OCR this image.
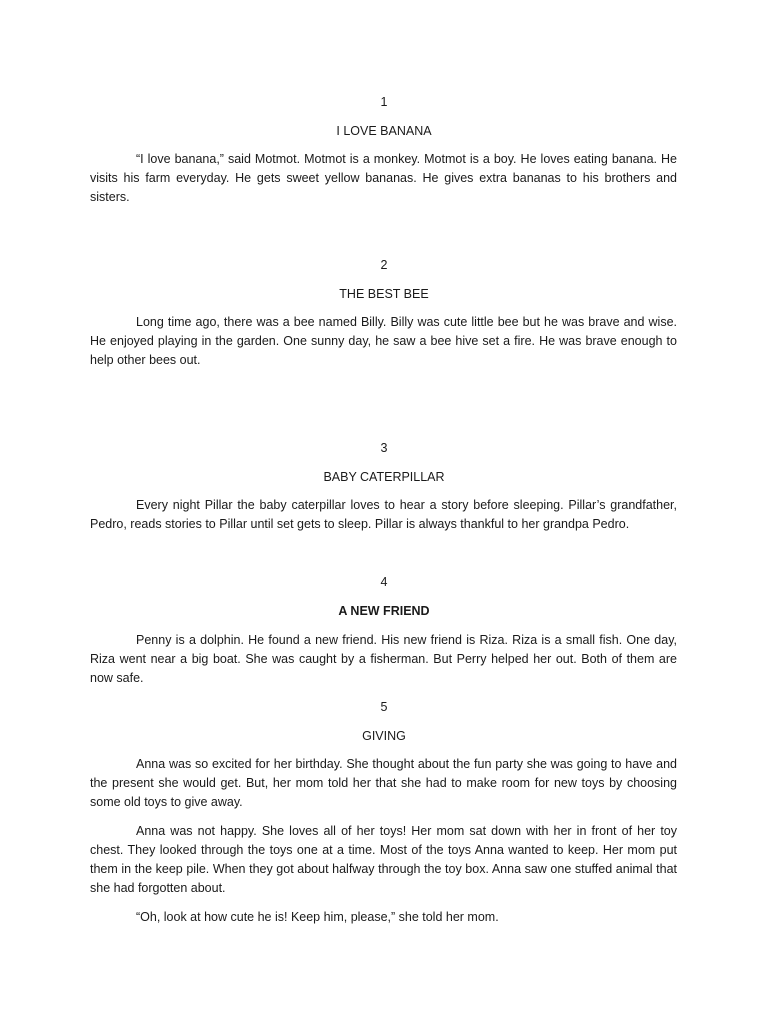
1

I LOVE BANANA

“I love banana,” said Motmot. Motmot is a monkey. Motmot is a boy. He loves eating banana. He visits his farm everyday. He gets sweet yellow bananas. He gives extra bananas to his brothers and sisters.

2

THE BEST BEE

Long time ago, there was a bee named Billy. Billy was cute little bee but he was brave and wise. He enjoyed playing in the garden. One sunny day, he saw a bee hive set a fire. He was brave enough to help other bees out.

3

BABY CATERPILLAR

Every night Pillar the baby caterpillar loves to hear a story before sleeping. Pillar’s grandfather, Pedro, reads stories to Pillar until set gets to sleep. Pillar is always thankful to her grandpa Pedro.

4

A NEW FRIEND

Penny is a dolphin. He found a new friend. His new friend is Riza. Riza is a small fish. One day, Riza went near a big boat. She was caught by a fisherman. But Perry helped her out. Both of them are now safe.

5

GIVING

Anna was so excited for her birthday. She thought about the fun party she was going to have and the present she would get. But, her mom told her that she had to make room for new toys by choosing some old toys to give away.

Anna was not happy. She loves all of her toys! Her mom sat down with her in front of her toy chest. They looked through the toys one at a time. Most of the toys Anna wanted to keep. Her mom put them in the keep pile. When they got about halfway through the toy box. Anna saw one stuffed animal that she had forgotten about.

“Oh, look at how cute he is! Keep him, please,” she told her mom.
